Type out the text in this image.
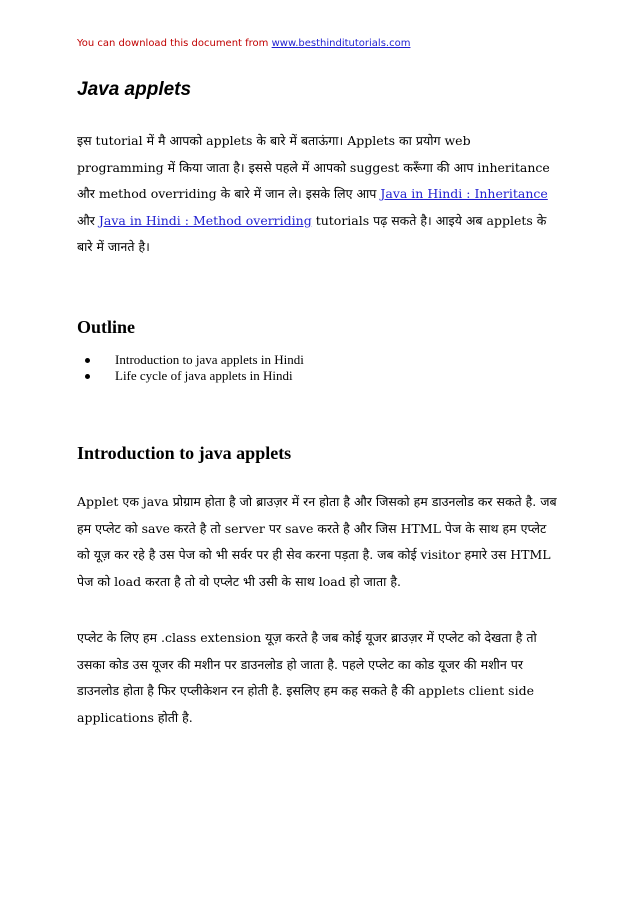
You can download this document from www.besthinditutorials.com
Java applets

इस tutorial में मै आपको applets के बारे में बताऊंगा। Applets का प्रयोग web programming में किया जाता है। इससे पहले में आपको suggest करूँगा की आप inheritance और method overriding के बारे में जान ले। इसके लिए आप Java in Hindi : Inheritance और Java in Hindi : Method overriding tutorials पढ़ सकते है। आइये अब applets के बारे में जानते है।

Outline
Introduction to java applets in Hindi
Life cycle of java applets in Hindi
Introduction to java applets

Applet एक java प्रोग्राम होता है जो ब्राउज़र में रन होता है और जिसको हम डाउनलोड कर सकते है. जब हम एप्लेट को save करते है तो server पर save करते है और जिस HTML पेज के साथ हम एप्लेट को यूज़ कर रहे है उस पेज को भी सर्वर पर ही सेव करना पड़ता है. जब कोई visitor हमारे उस HTML पेज को load करता है तो वो एप्लेट भी उसी के साथ load हो जाता है.

एप्लेट के लिए हम .class extension यूज़ करते है जब कोई यूजर ब्राउज़र में एप्लेट को देखता है तो उसका कोड उस यूजर की मशीन पर डाउनलोड हो जाता है. पहले एप्लेट का कोड यूजर की मशीन पर डाउनलोड होता है फिर एप्लीकेशन रन होती है. इसलिए हम कह सकते है की applets client side applications होती है.
